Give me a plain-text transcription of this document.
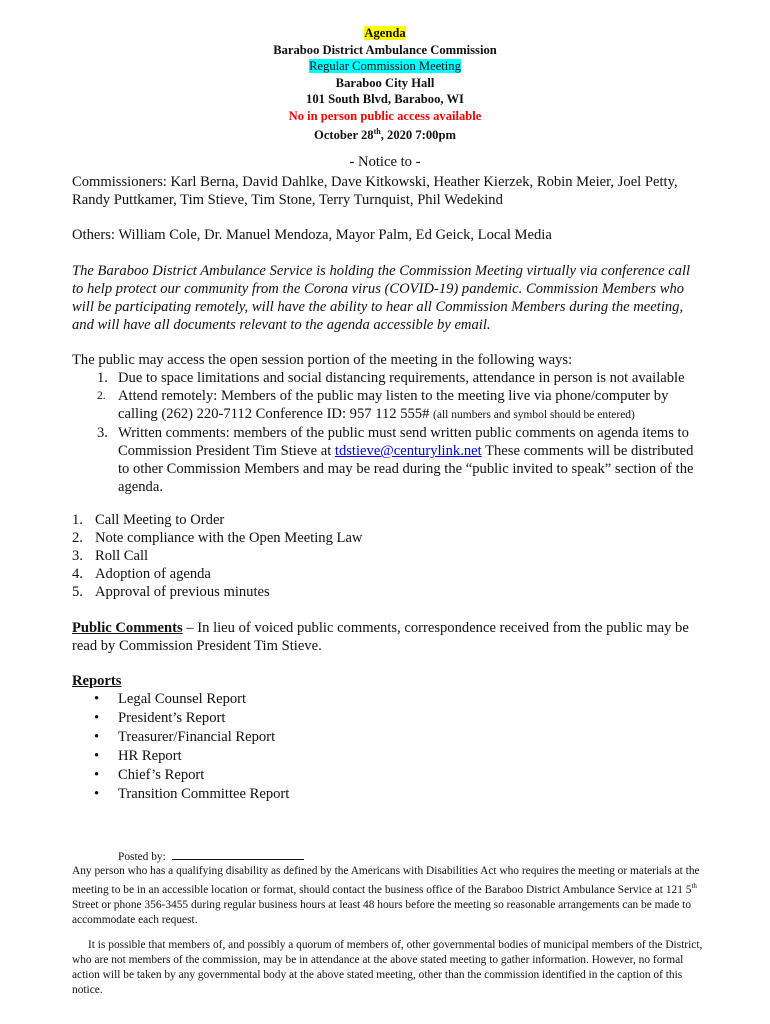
Agenda
Baraboo District Ambulance Commission
Regular Commission Meeting
Baraboo City Hall
101 South Blvd, Baraboo, WI
No in person public access available
October 28th, 2020 7:00pm
- Notice to -
Commissioners: Karl Berna, David Dahlke, Dave Kitkowski, Heather Kierzek, Robin Meier, Joel Petty, Randy Puttkamer, Tim Stieve, Tim Stone, Terry Turnquist, Phil Wedekind
Others: William Cole, Dr. Manuel Mendoza, Mayor Palm, Ed Geick, Local Media
The Baraboo District Ambulance Service is holding the Commission Meeting virtually via conference call to help protect our community from the Corona virus (COVID-19) pandemic. Commission Members who will be participating remotely, will have the ability to hear all Commission Members during the meeting, and will have all documents relevant to the agenda accessible by email.
The public may access the open session portion of the meeting in the following ways:
1. Due to space limitations and social distancing requirements, attendance in person is not available
2. Attend remotely: Members of the public may listen to the meeting live via phone/computer by calling (262) 220-7112 Conference ID: 957 112 555# (all numbers and symbol should be entered)
3. Written comments: members of the public must send written public comments on agenda items to Commission President Tim Stieve at tdstieve@centurylink.net These comments will be distributed to other Commission Members and may be read during the “public invited to speak” section of the agenda.
1. Call Meeting to Order
2. Note compliance with the Open Meeting Law
3. Roll Call
4. Adoption of agenda
5. Approval of previous minutes
Public Comments – In lieu of voiced public comments, correspondence received from the public may be read by Commission President Tim Stieve.
Reports
• Legal Counsel Report
• President’s Report
• Treasurer/Financial Report
• HR Report
• Chief’s Report
• Transition Committee Report
Posted by:
Any person who has a qualifying disability as defined by the Americans with Disabilities Act who requires the meeting or materials at the meeting to be in an accessible location or format, should contact the business office of the Baraboo District Ambulance Service at 121 5th Street or phone 356-3455 during regular business hours at least 48 hours before the meeting so reasonable arrangements can be made to accommodate each request.
It is possible that members of, and possibly a quorum of members of, other governmental bodies of municipal members of the District, who are not members of the commission, may be in attendance at the above stated meeting to gather information. However, no formal action will be taken by any governmental body at the above stated meeting, other than the commission identified in the caption of this notice.
